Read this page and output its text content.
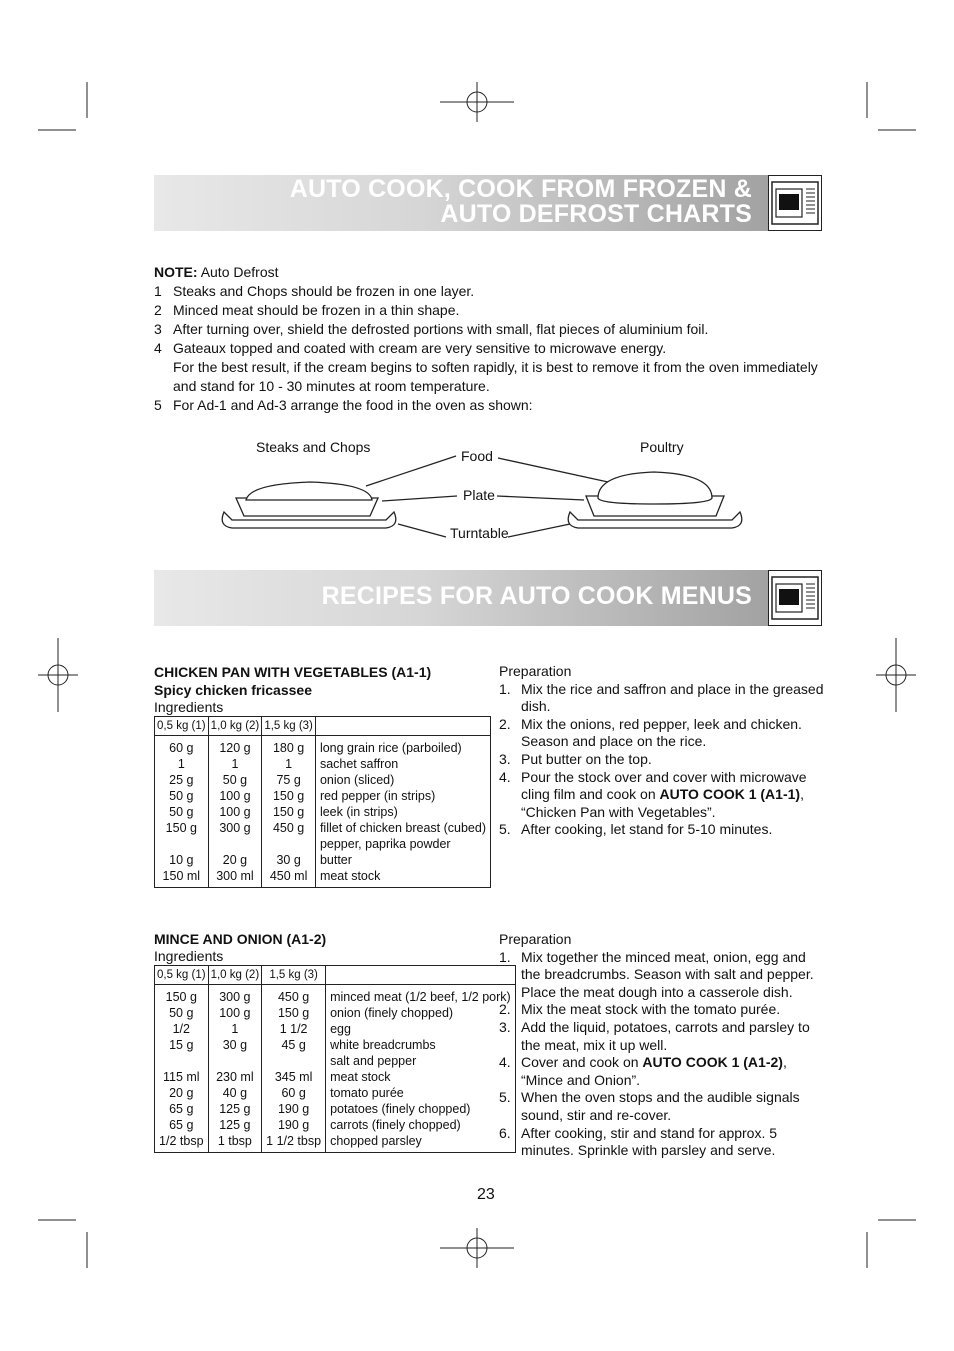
AUTO COOK, COOK FROM FROZEN &
AUTO DEFROST CHARTS
NOTE: Auto Defrost
1 Steaks and Chops should be frozen in one layer.
2 Minced meat should be frozen in a thin shape.
3 After turning over, shield the defrosted portions with small, flat pieces of aluminium foil.
4 Gateaux topped and coated with cream are very sensitive to microwave energy.
For the best result, if the cream begins to soften rapidly, it is best to remove it from the oven immediately and stand for 10 - 30 minutes at room temperature.
5 For Ad-1 and Ad-3 arrange the food in the oven as shown:
Steaks and Chops	Poultry
Food
Plate
Turntable
RECIPES FOR AUTO COOK MENUS
CHICKEN PAN WITH VEGETABLES (A1-1)
Spicy chicken fricassee
Ingredients
0,5 kg (1)	1,0 kg (2)	1,5 kg (3)	
60 g	120 g	180 g	long grain rice (parboiled)
1	1	1	sachet saffron
25 g	50 g	75 g	onion (sliced)
50 g	100 g	150 g	red pepper (in strips)
50 g	100 g	150 g	leek (in strips)
150 g	300 g	450 g	fillet of chicken breast (cubed)
			pepper, paprika powder
10 g	20 g	30 g	butter
150 ml	300 ml	450 ml	meat stock
Preparation
1. Mix the rice and saffron and place in the greased dish.
2. Mix the onions, red pepper, leek and chicken. Season and place on the rice.
3. Put butter on the top.
4. Pour the stock over and cover with microwave cling film and cook on AUTO COOK 1 (A1-1), “Chicken Pan with Vegetables”.
5. After cooking, let stand for 5-10 minutes.
MINCE AND ONION (A1-2)
Ingredients
0,5 kg (1)	1,0 kg (2)	1,5 kg (3)	
150 g	300 g	450 g	minced meat (1/2 beef, 1/2 pork)
50 g	100 g	150 g	onion (finely chopped)
1/2	1	1 1/2	egg
15 g	30 g	45 g	white breadcrumbs
			salt and pepper
115 ml	230 ml	345 ml	meat stock
20 g	40 g	60 g	tomato purée
65 g	125 g	190 g	potatoes (finely chopped)
65 g	125 g	190 g	carrots (finely chopped)
1/2 tbsp	1 tbsp	1 1/2 tbsp	chopped parsley
Preparation
1. Mix together the minced meat, onion, egg and the breadcrumbs. Season with salt and pepper. Place the meat dough into a casserole dish.
2. Mix the meat stock with the tomato purée.
3. Add the liquid, potatoes, carrots and parsley to the meat, mix it up well.
4. Cover and cook on AUTO COOK 1 (A1-2), “Mince and Onion”.
5. When the oven stops and the audible signals sound, stir and re-cover.
6. After cooking, stir and stand for approx. 5 minutes. Sprinkle with parsley and serve.
23
